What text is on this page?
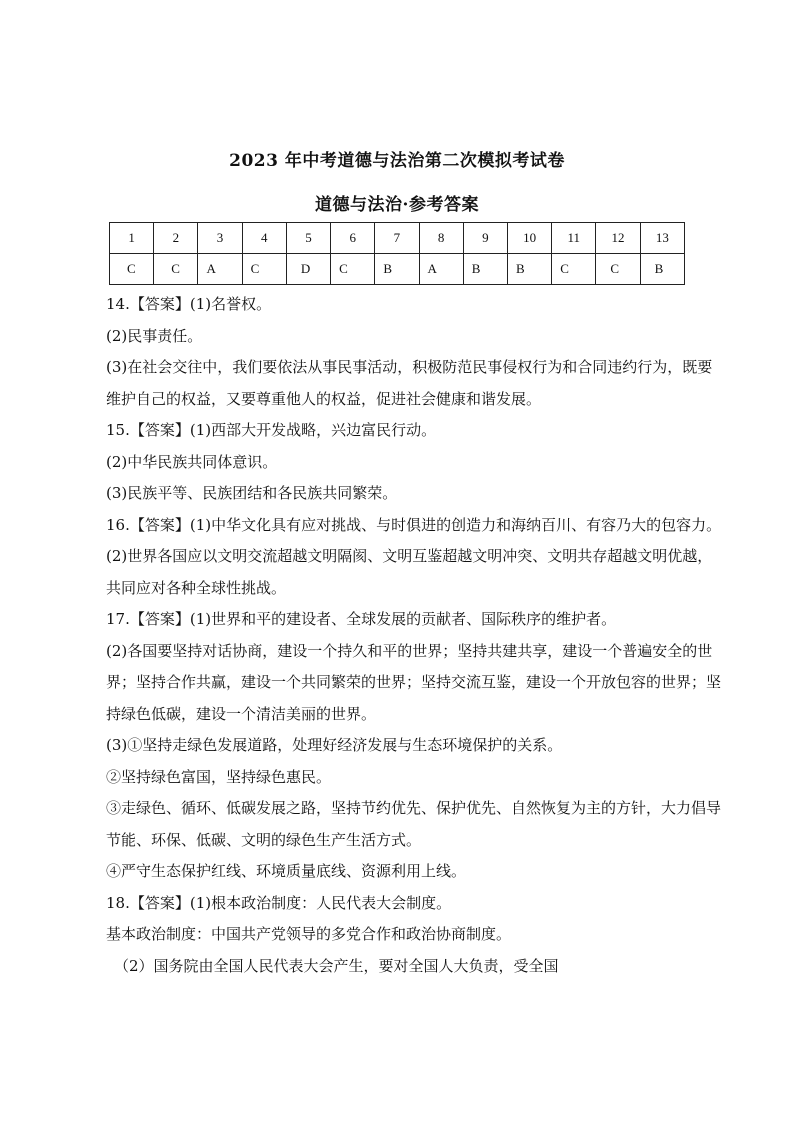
2023 年中考道德与法治第二次模拟考试卷
道德与法治·参考答案
1	2	3	4	5	6	7	8	9	10	11	12	13
C	C	A	C	D	C	B	A	B	B	C	C	B
14.【答案】(1)名誉权。
(2)民事责任。
(3)在社会交往中，我们要依法从事民事活动，积极防范民事侵权行为和合同违约行为，既要
维护自己的权益，又要尊重他人的权益，促进社会健康和谐发展。
15.【答案】(1)西部大开发战略，兴边富民行动。
(2)中华民族共同体意识。
(3)民族平等、民族团结和各民族共同繁荣。
16.【答案】(1)中华文化具有应对挑战、与时俱进的创造力和海纳百川、有容乃大的包容力。
(2)世界各国应以文明交流超越文明隔阂、文明互鉴超越文明冲突、文明共存超越文明优越，
共同应对各种全球性挑战。
17.【答案】(1)世界和平的建设者、全球发展的贡献者、国际秩序的维护者。
(2)各国要坚持对话协商，建设一个持久和平的世界；坚持共建共享，建设一个普遍安全的世
界；坚持合作共赢，建设一个共同繁荣的世界；坚持交流互鉴，建设一个开放包容的世界；坚
持绿色低碳，建设一个清洁美丽的世界。
(3)①坚持走绿色发展道路，处理好经济发展与生态环境保护的关系。
②坚持绿色富国，坚持绿色惠民。
③走绿色、循环、低碳发展之路，坚持节约优先、保护优先、自然恢复为主的方针，大力倡导
节能、环保、低碳、文明的绿色生产生活方式。
④严守生态保护红线、环境质量底线、资源利用上线。
18.【答案】(1)根本政治制度：人民代表大会制度。
基本政治制度：中国共产党领导的多党合作和政治协商制度。
（2）国务院由全国人民代表大会产生，要对全国人大负责，受全国
